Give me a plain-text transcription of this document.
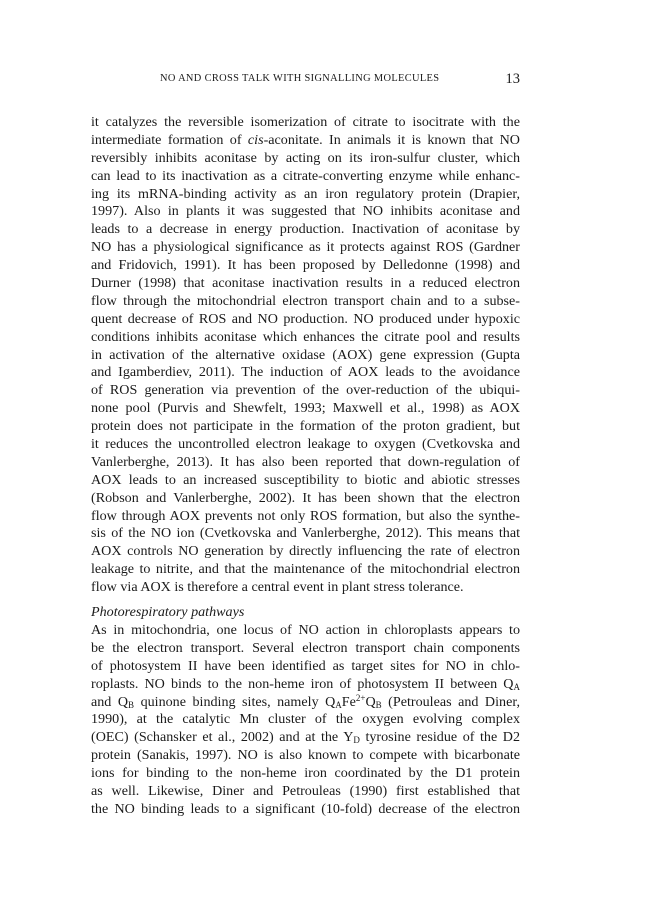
NO AND CROSS TALK WITH SIGNALLING MOLECULES	13
it catalyzes the reversible isomerization of citrate to isocitrate with the
intermediate formation of cis-aconitate. In animals it is known that NO
reversibly inhibits aconitase by acting on its iron-sulfur cluster, which
can lead to its inactivation as a citrate-converting enzyme while enhanc-
ing its mRNA-binding activity as an iron regulatory protein (Drapier,
1997). Also in plants it was suggested that NO inhibits aconitase and
leads to a decrease in energy production. Inactivation of aconitase by
NO has a physiological significance as it protects against ROS (Gardner
and Fridovich, 1991). It has been proposed by Delledonne (1998) and
Durner (1998) that aconitase inactivation results in a reduced electron
flow through the mitochondrial electron transport chain and to a subse-
quent decrease of ROS and NO production. NO produced under hypoxic
conditions inhibits aconitase which enhances the citrate pool and results
in activation of the alternative oxidase (AOX) gene expression (Gupta
and Igamberdiev, 2011). The induction of AOX leads to the avoidance
of ROS generation via prevention of the over-reduction of the ubiqui-
none pool (Purvis and Shewfelt, 1993; Maxwell et al., 1998) as AOX
protein does not participate in the formation of the proton gradient, but
it reduces the uncontrolled electron leakage to oxygen (Cvetkovska and
Vanlerberghe, 2013). It has also been reported that down-regulation of
AOX leads to an increased susceptibility to biotic and abiotic stresses
(Robson and Vanlerberghe, 2002). It has been shown that the electron
flow through AOX prevents not only ROS formation, but also the synthe-
sis of the NO ion (Cvetkovska and Vanlerberghe, 2012). This means that
AOX controls NO generation by directly influencing the rate of electron
leakage to nitrite, and that the maintenance of the mitochondrial electron
flow via AOX is therefore a central event in plant stress tolerance.
Photorespiratory pathways
As in mitochondria, one locus of NO action in chloroplasts appears to
be the electron transport. Several electron transport chain components
of photosystem II have been identified as target sites for NO in chlo-
roplasts. NO binds to the non-heme iron of photosystem II between $Q_A$
and $Q_B$ quinone binding sites, namely $Q_AFe^{2+}Q_B$ (Petrouleas and Diner,
1990), at the catalytic Mn cluster of the oxygen evolving complex
(OEC) (Schansker et al., 2002) and at the $Y_D$ tyrosine residue of the D2
protein (Sanakis, 1997). NO is also known to compete with bicarbonate
ions for binding to the non-heme iron coordinated by the D1 protein
as well. Likewise, Diner and Petrouleas (1990) first established that
the NO binding leads to a significant (10-fold) decrease of the electron
